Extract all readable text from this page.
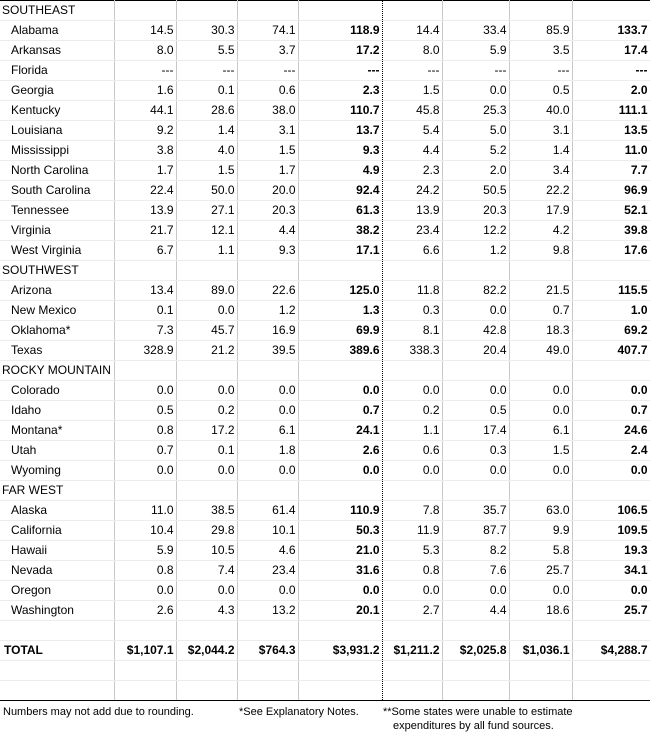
SOUTHEAST								
Alabama	14.5	30.3	74.1	118.9	14.4	33.4	85.9	133.7
Arkansas	8.0	5.5	3.7	17.2	8.0	5.9	3.5	17.4
Florida	---	---	---	---	---	---	---	---
Georgia	1.6	0.1	0.6	2.3	1.5	0.0	0.5	2.0
Kentucky	44.1	28.6	38.0	110.7	45.8	25.3	40.0	111.1
Louisiana	9.2	1.4	3.1	13.7	5.4	5.0	3.1	13.5
Mississippi	3.8	4.0	1.5	9.3	4.4	5.2	1.4	11.0
North Carolina	1.7	1.5	1.7	4.9	2.3	2.0	3.4	7.7
South Carolina	22.4	50.0	20.0	92.4	24.2	50.5	22.2	96.9
Tennessee	13.9	27.1	20.3	61.3	13.9	20.3	17.9	52.1
Virginia	21.7	12.1	4.4	38.2	23.4	12.2	4.2	39.8
West Virginia	6.7	1.1	9.3	17.1	6.6	1.2	9.8	17.6
SOUTHWEST								
Arizona	13.4	89.0	22.6	125.0	11.8	82.2	21.5	115.5
New Mexico	0.1	0.0	1.2	1.3	0.3	0.0	0.7	1.0
Oklahoma*	7.3	45.7	16.9	69.9	8.1	42.8	18.3	69.2
Texas	328.9	21.2	39.5	389.6	338.3	20.4	49.0	407.7
ROCKY MOUNTAIN								
Colorado	0.0	0.0	0.0	0.0	0.0	0.0	0.0	0.0
Idaho	0.5	0.2	0.0	0.7	0.2	0.5	0.0	0.7
Montana*	0.8	17.2	6.1	24.1	1.1	17.4	6.1	24.6
Utah	0.7	0.1	1.8	2.6	0.6	0.3	1.5	2.4
Wyoming	0.0	0.0	0.0	0.0	0.0	0.0	0.0	0.0
FAR WEST								
Alaska	11.0	38.5	61.4	110.9	7.8	35.7	63.0	106.5
California	10.4	29.8	10.1	50.3	11.9	87.7	9.9	109.5
Hawaii	5.9	10.5	4.6	21.0	5.3	8.2	5.8	19.3
Nevada	0.8	7.4	23.4	31.6	0.8	7.6	25.7	34.1
Oregon	0.0	0.0	0.0	0.0	0.0	0.0	0.0	0.0
Washington	2.6	4.3	13.2	20.1	2.7	4.4	18.6	25.7

TOTAL	$1,107.1	$2,044.2	$764.3	$3,931.2	$1,211.2	$2,025.8	$1,036.1	$4,288.7

Numbers may not add due to rounding.	*See Explanatory Notes. **Some states were unable to estimate
expenditures by all fund sources.
